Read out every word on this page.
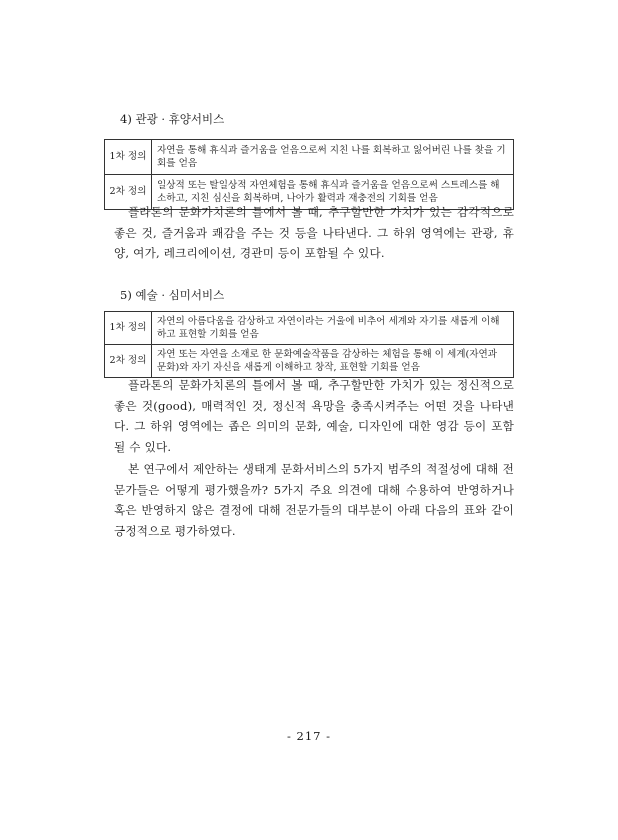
4) 관광 · 휴양서비스
1차 정의	자연을 통해 휴식과 즐거움을 얻음으로써 지친 나를 회복하고 잃어버린 나를 찾을 기회를 얻음
2차 정의	일상적 또는 탈일상적 자연체험을 통해 휴식과 즐거움을 얻음으로써 스트레스를 해소하고, 지친 심신을 회복하며, 나아가 활력과 재충전의 기회를 얻음

플라톤의 문화가치론의 틀에서 볼 때, 추구할만한 가치가 있는 감각적으로 좋은 것, 즐거움과 쾌감을 주는 것 등을 나타낸다. 그 하위 영역에는 관광, 휴양, 여가, 레크리에이션, 경관미 등이 포함될 수 있다.

5) 예술 · 심미서비스
1차 정의	자연의 아름다움을 감상하고 자연이라는 거울에 비추어 세계와 자기를 새롭게 이해하고 표현할 기회를 얻음
2차 정의	자연 또는 자연을 소재로 한 문화예술작품을 감상하는 체험을 통해 이 세계(자연과 문화)와 자기 자신을 새롭게 이해하고 창작, 표현할 기회를 얻음

플라톤의 문화가치론의 틀에서 볼 때, 추구할만한 가치가 있는 정신적으로 좋은 것(good), 매력적인 것, 정신적 욕망을 충족시켜주는 어떤 것을 나타낸다. 그 하위 영역에는 좁은 의미의 문화, 예술, 디자인에 대한 영감 등이 포함될 수 있다.

본 연구에서 제안하는 생태계 문화서비스의 5가지 범주의 적절성에 대해 전문가들은 어떻게 평가했을까? 5가지 주요 의견에 대해 수용하여 반영하거나 혹은 반영하지 않은 결정에 대해 전문가들의 대부분이 아래 다음의 표와 같이 긍정적으로 평가하였다.

- 217 -
